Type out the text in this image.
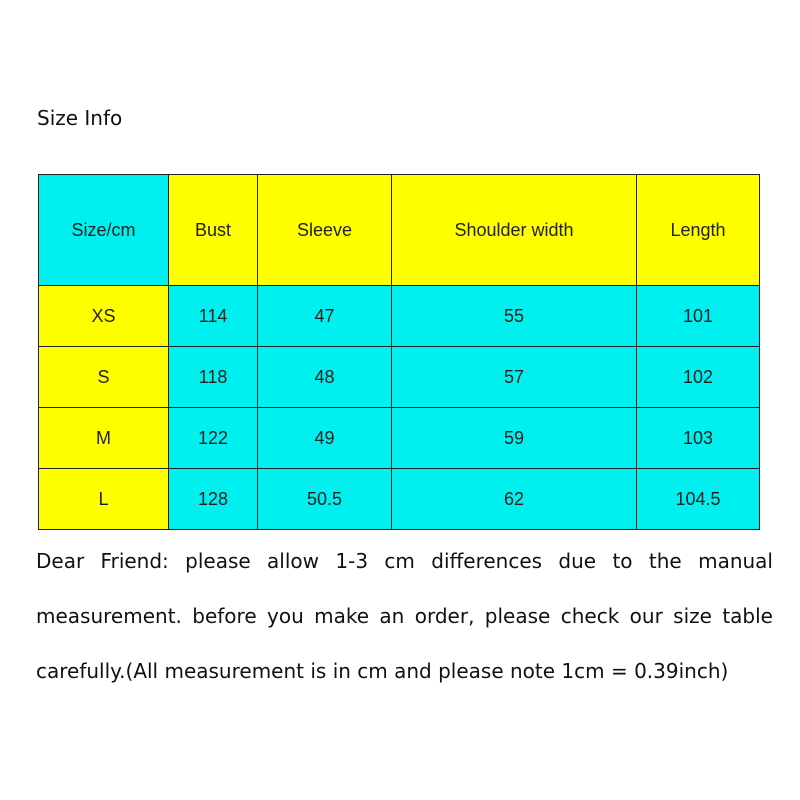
Size Info
Size/cm	Bust	Sleeve	Shoulder width	Length
XS	114	47	55	101
S	118	48	57	102
M	122	49	59	103
L	128	50.5	62	104.5
Dear Friend: please allow 1-3 cm differences due to the manual measurement. before you make an order, please check our size table carefully.(All measurement is in cm and please note 1cm = 0.39inch)
